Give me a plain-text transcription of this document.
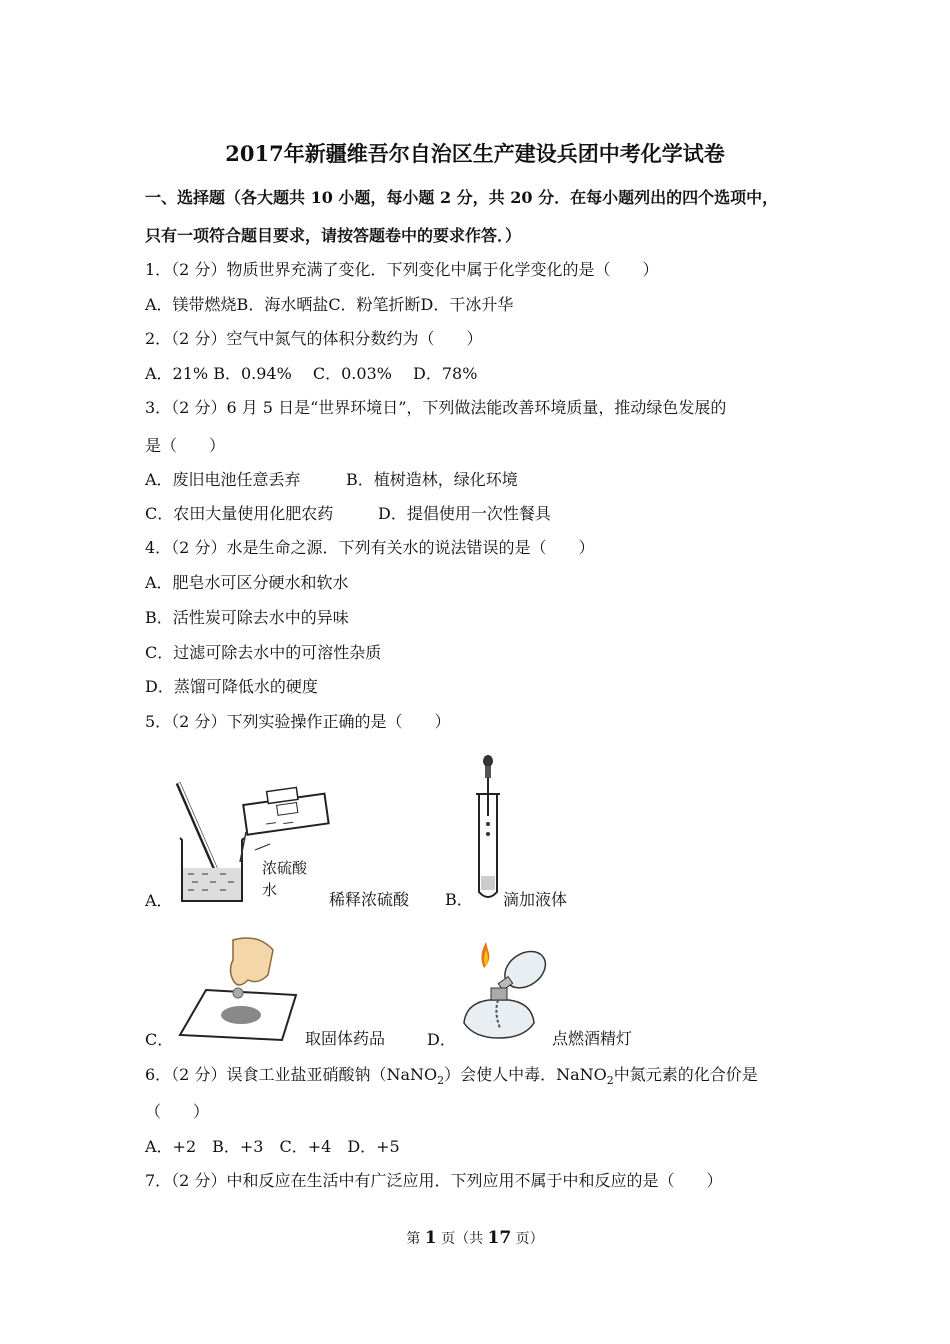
2017年新疆维吾尔自治区生产建设兵团中考化学试卷
一、选择题（各大题共 10 小题，每小题 2 分，共 20 分．在每小题列出的四个选项中，
只有一项符合题目要求，请按答题卷中的要求作答．）
1．（2 分）物质世界充满了变化．下列变化中属于化学变化的是（　　）
A．镁带燃烧B．海水晒盐C．粉笔折断D．干冰升华
2．（2 分）空气中氮气的体积分数约为（　　）
A．21% B．0.94%　 C．0.03%　 D．78%
3．（2 分）6 月 5 日是“世界环境日”，下列做法能改善环境质量，推动绿色发展的
是（　　）
A．废旧电池任意丢弃	B．植树造林，绿化环境
C．农田大量使用化肥农药	D．提倡使用一次性餐具
4．（2 分）水是生命之源．下列有关水的说法错误的是（　　）
A．肥皂水可区分硬水和软水
B．活性炭可除去水中的异味
C．过滤可除去水中的可溶性杂质
D．蒸馏可降低水的硬度
5．（2 分）下列实验操作正确的是（　　）
浓硫酸
水
A．	稀释浓硫酸 B． 滴加液体
C．	取固体药品	D．	点燃酒精灯
6．（2 分）误食工业盐亚硝酸钠（NaNO$_2$）会使人中毒．NaNO$_2$中氮元素的化合价是
（　　）
A．+2　B．+3　C．+4　D．+5
7．（2 分）中和反应在生活中有广泛应用．下列应用不属于中和反应的是（　　）
第 1 页（共 17 页）
